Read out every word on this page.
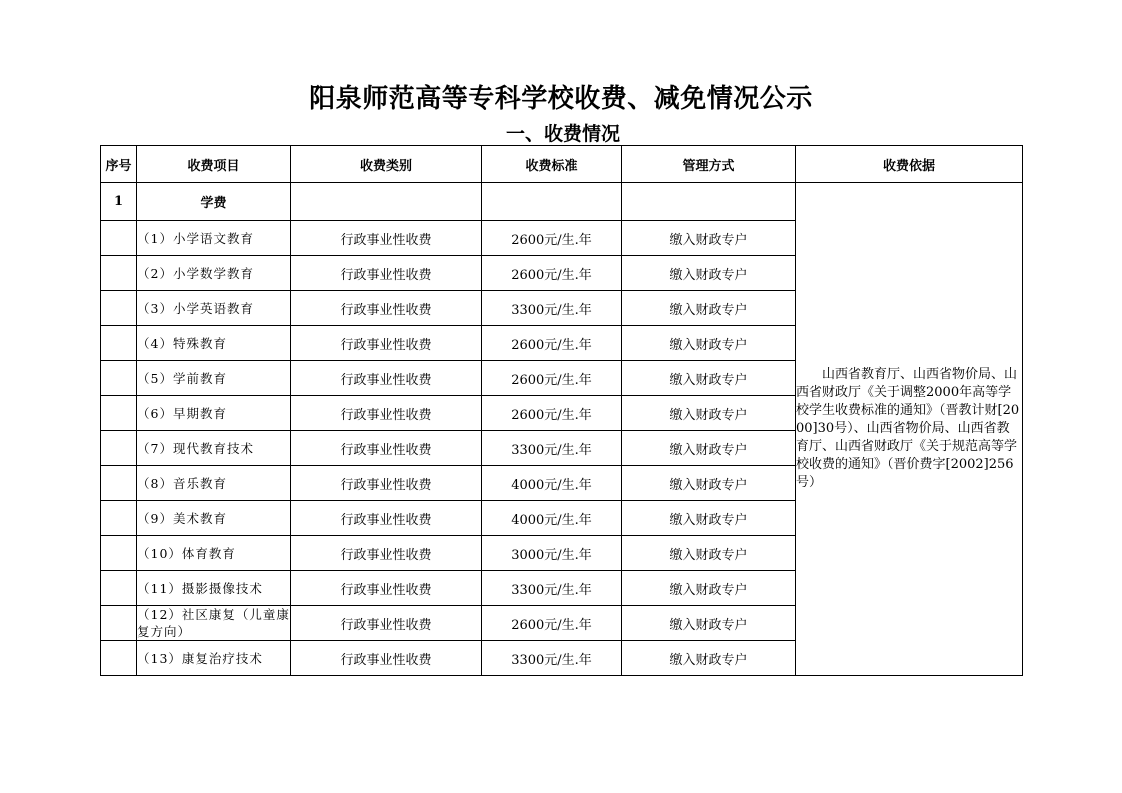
阳泉师范高等专科学校收费、减免情况公示
一、收费情况
序号	收费项目	收费类别	收费标准	管理方式	收费依据
1	学费				山西省教育厅、山西省物价局、山西省财政厅《关于调整2000年高等学校学生收费标准的通知》（晋教计财[2000]30号）、山西省物价局、山西省教育厅、山西省财政厅《关于规范高等学校收费的通知》（晋价费字[2002]256号）

	（1）小学语文教育	行政事业性收费	2600元/生.年	缴入财政专户	
	（2）小学数学教育	行政事业性收费	2600元/生.年	缴入财政专户	
	（3）小学英语教育	行政事业性收费	3300元/生.年	缴入财政专户	
	（4）特殊教育	行政事业性收费	2600元/生.年	缴入财政专户	
	（5）学前教育	行政事业性收费	2600元/生.年	缴入财政专户	
	（6）早期教育	行政事业性收费	2600元/生.年	缴入财政专户	
	（7）现代教育技术	行政事业性收费	3300元/生.年	缴入财政专户	
	（8）音乐教育	行政事业性收费	4000元/生.年	缴入财政专户	
	（9）美术教育	行政事业性收费	4000元/生.年	缴入财政专户	
	（10）体育教育	行政事业性收费	3000元/生.年	缴入财政专户	
	（11）摄影摄像技术	行政事业性收费	3300元/生.年	缴入财政专户	
	（12）社区康复（儿童康复方向）	行政事业性收费	2600元/生.年	缴入财政专户	
	（13）康复治疗技术	行政事业性收费	3300元/生.年	缴入财政专户	
